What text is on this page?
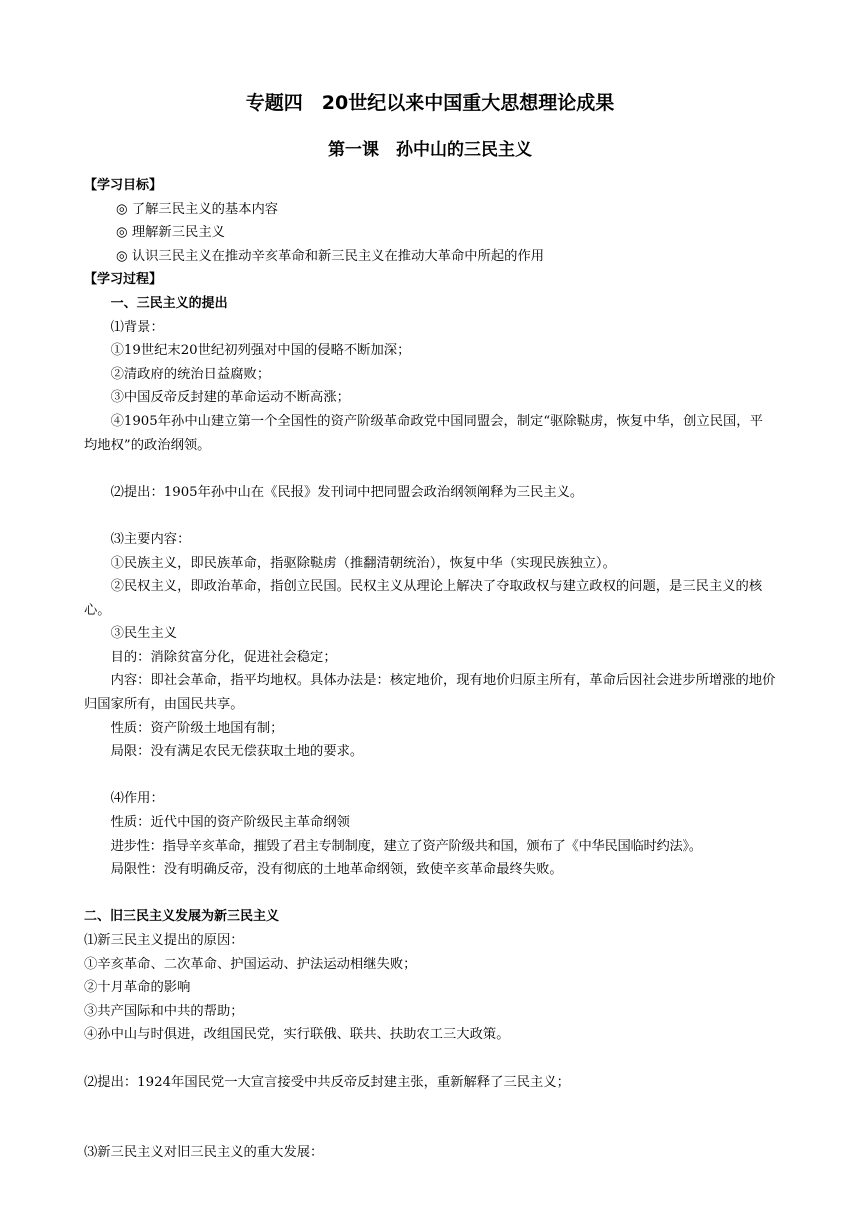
专题四　20世纪以来中国重大思想理论成果
第一课　孙中山的三民主义
【学习目标】
◎ 了解三民主义的基本内容
◎ 理解新三民主义
◎ 认识三民主义在推动辛亥革命和新三民主义在推动大革命中所起的作用
【学习过程】
一、三民主义的提出
⑴背景：
①19世纪末20世纪初列强对中国的侵略不断加深；
②清政府的统治日益腐败；
③中国反帝反封建的革命运动不断高涨；
④1905年孙中山建立第一个全国性的资产阶级革命政党中国同盟会，制定“驱除鞑虏，恢复中华，创立民国，平均地权”的政治纲领。
⑵提出：1905年孙中山在《民报》发刊词中把同盟会政治纲领阐释为三民主义。
⑶主要内容：
①民族主义，即民族革命，指驱除鞑虏（推翻清朝统治），恢复中华（实现民族独立）。
②民权主义，即政治革命，指创立民国。民权主义从理论上解决了夺取政权与建立政权的问题，是三民主义的核心。
③民生主义
目的：消除贫富分化，促进社会稳定；
内容：即社会革命，指平均地权。具体办法是：核定地价，现有地价归原主所有，革命后因社会进步所增涨的地价归国家所有，由国民共享。
性质：资产阶级土地国有制；
局限：没有满足农民无偿获取土地的要求。
⑷作用：
性质：近代中国的资产阶级民主革命纲领
进步性：指导辛亥革命，摧毁了君主专制制度，建立了资产阶级共和国，颁布了《中华民国临时约法》。
局限性：没有明确反帝，没有彻底的土地革命纲领，致使辛亥革命最终失败。
二、旧三民主义发展为新三民主义
⑴新三民主义提出的原因：
①辛亥革命、二次革命、护国运动、护法运动相继失败；
②十月革命的影响
③共产国际和中共的帮助；
④孙中山与时俱进，改组国民党，实行联俄、联共、扶助农工三大政策。
⑵提出：1924年国民党一大宣言接受中共反帝反封建主张，重新解释了三民主义；
⑶新三民主义对旧三民主义的重大发展：
